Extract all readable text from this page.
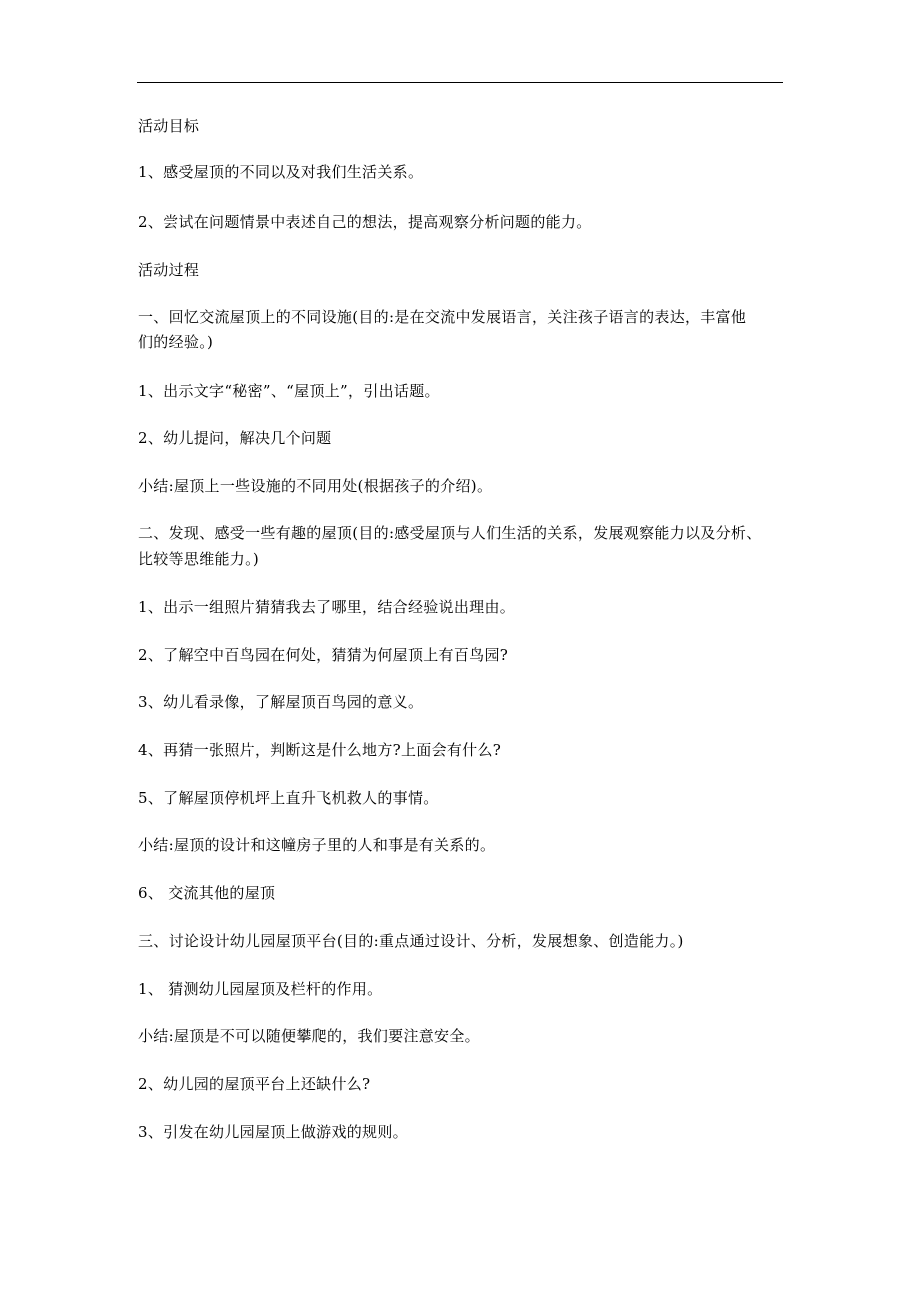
活动目标
1、感受屋顶的不同以及对我们生活关系。
2、尝试在问题情景中表述自己的想法，提高观察分析问题的能力。
活动过程
一、回忆交流屋顶上的不同设施(目的:是在交流中发展语言，关注孩子语言的表达，丰富他
们的经验。)
1、出示文字“秘密”、“屋顶上”，引出话题。
2、幼儿提问，解决几个问题
小结:屋顶上一些设施的不同用处(根据孩子的介绍)。
二、发现、感受一些有趣的屋顶(目的:感受屋顶与人们生活的关系，发展观察能力以及分析、
比较等思维能力。)
1、出示一组照片猜猜我去了哪里，结合经验说出理由。
2、了解空中百鸟园在何处，猜猜为何屋顶上有百鸟园?
3、幼儿看录像，了解屋顶百鸟园的意义。
4、再猜一张照片，判断这是什么地方?上面会有什么?
5、了解屋顶停机坪上直升飞机救人的事情。
小结:屋顶的设计和这幢房子里的人和事是有关系的。
6、 交流其他的屋顶
三、讨论设计幼儿园屋顶平台(目的:重点通过设计、分析，发展想象、创造能力。)
1、 猜测幼儿园屋顶及栏杆的作用。
小结:屋顶是不可以随便攀爬的，我们要注意安全。
2、幼儿园的屋顶平台上还缺什么?
3、引发在幼儿园屋顶上做游戏的规则。
